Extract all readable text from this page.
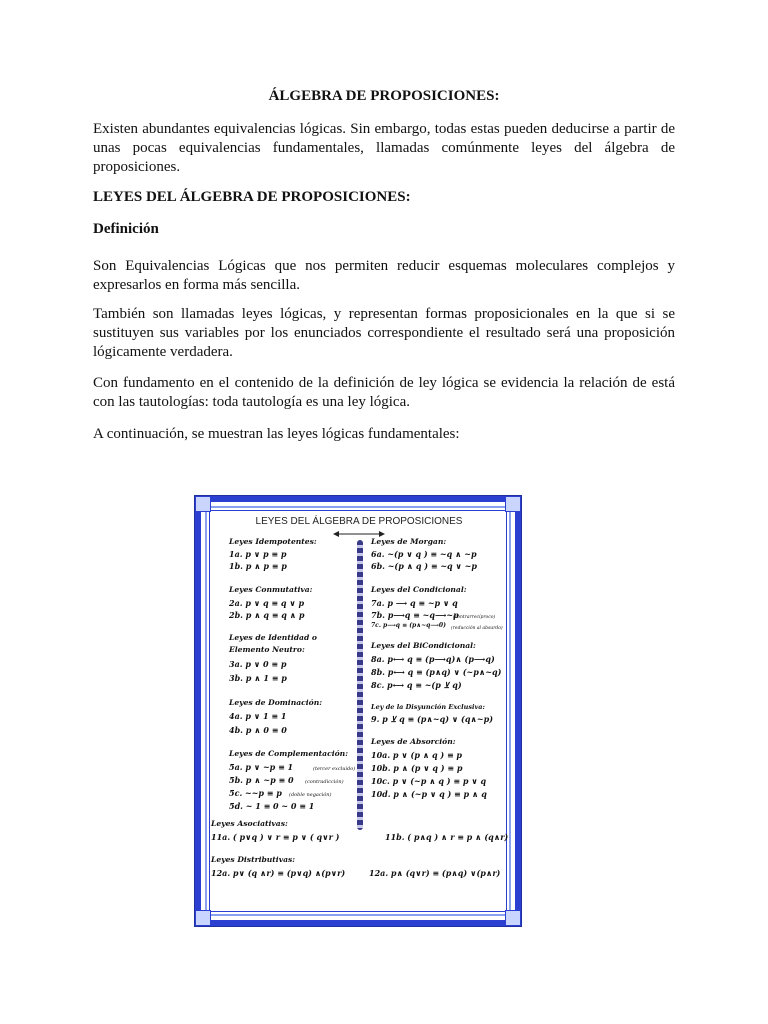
ÁLGEBRA DE PROPOSICIONES:
Existen abundantes equivalencias lógicas. Sin embargo, todas estas pueden deducirse a partir de unas pocas equivalencias fundamentales, llamadas comúnmente leyes del álgebra de proposiciones.
LEYES DEL ÁLGEBRA DE PROPOSICIONES:
Definición
Son Equivalencias Lógicas que nos permiten reducir esquemas moleculares complejos y expresarlos en forma más sencilla.
También son llamadas leyes lógicas, y representan formas proposicionales en la que si se sustituyen sus variables por los enunciados correspondiente el resultado será una proposición lógicamente verdadera.
Con fundamento en el contenido de la definición de ley lógica se evidencia la relación de está con las tautologías: toda tautología es una ley lógica.
A continuación, se muestran las leyes lógicas fundamentales:
LEYES DEL ÁLGEBRA DE PROPOSICIONES
Leyes Idempotentes:
1a. p ∨ p ≡ p
1b. p ∧ p ≡ p
Leyes Conmutativa:
2a. p ∨ q ≡ q ∨ p
2b. p ∧ q ≡ q ∧ p
Leyes de Identidad o
Elemento Neutro:
3a. p ∨ 0 ≡ p
3b. p ∧ 1 ≡ p
Leyes de Dominación:
4a. p ∨ 1 ≡ 1
4b. p ∧ 0 ≡ 0
Leyes de Complementación:
5a. p ∨ ~p ≡ 1
5b. p ∧ ~p ≡ 0
5c. ~~p ≡ p
5d. ~ 1 ≡ 0 ~ 0 ≡ 1
(tercer excluido)
(contradicción)
(doble negación)
Leyes de Morgan:
6a. ~(p ∨ q ) ≡ ~q ∧ ~p
6b. ~(p ∧ q ) ≡ ~q ∨ ~p
Leyes del Condicional:
7a. p ⟶ q ≡ ~p ∨ q
7b. p⟶q ≡ ~q⟶~p
7c. p⟶q ≡ (p∧~q⟶0)
(contrarrecíproco)
(reducción al absurdo)
Leyes del BiCondicional:
8a. p⟷ q ≡ (p⟶q)∧ (p⟶q)
8b. p⟷ q ≡ (p∧q) ∨ (~p∧~q)
8c. p⟷ q ≡ ~(p ⊻ q)
Ley de la Disyunción Exclusiva:
9. p ⊻ q ≡ (p∧~q) ∨ (q∧~p)
Leyes de Absorción:
10a. p ∨ (p ∧ q ) ≡ p
10b. p ∧ (p ∨ q ) ≡ p
10c. p ∨ (~p ∧ q ) ≡ p ∨ q
10d. p ∧ (~p ∨ q ) ≡ p ∧ q
Leyes Asociativas:
11a. ( p∨q ) ∨ r ≡ p ∨ ( q∨r )	11b. ( p∧q ) ∧ r ≡ p ∧ (q∧r)
Leyes Distributivas:
12a. p∨ (q ∧r) ≡ (p∨q) ∧(p∨r)	12a. p∧ (q∨r) ≡ (p∧q) ∨(p∧r)
